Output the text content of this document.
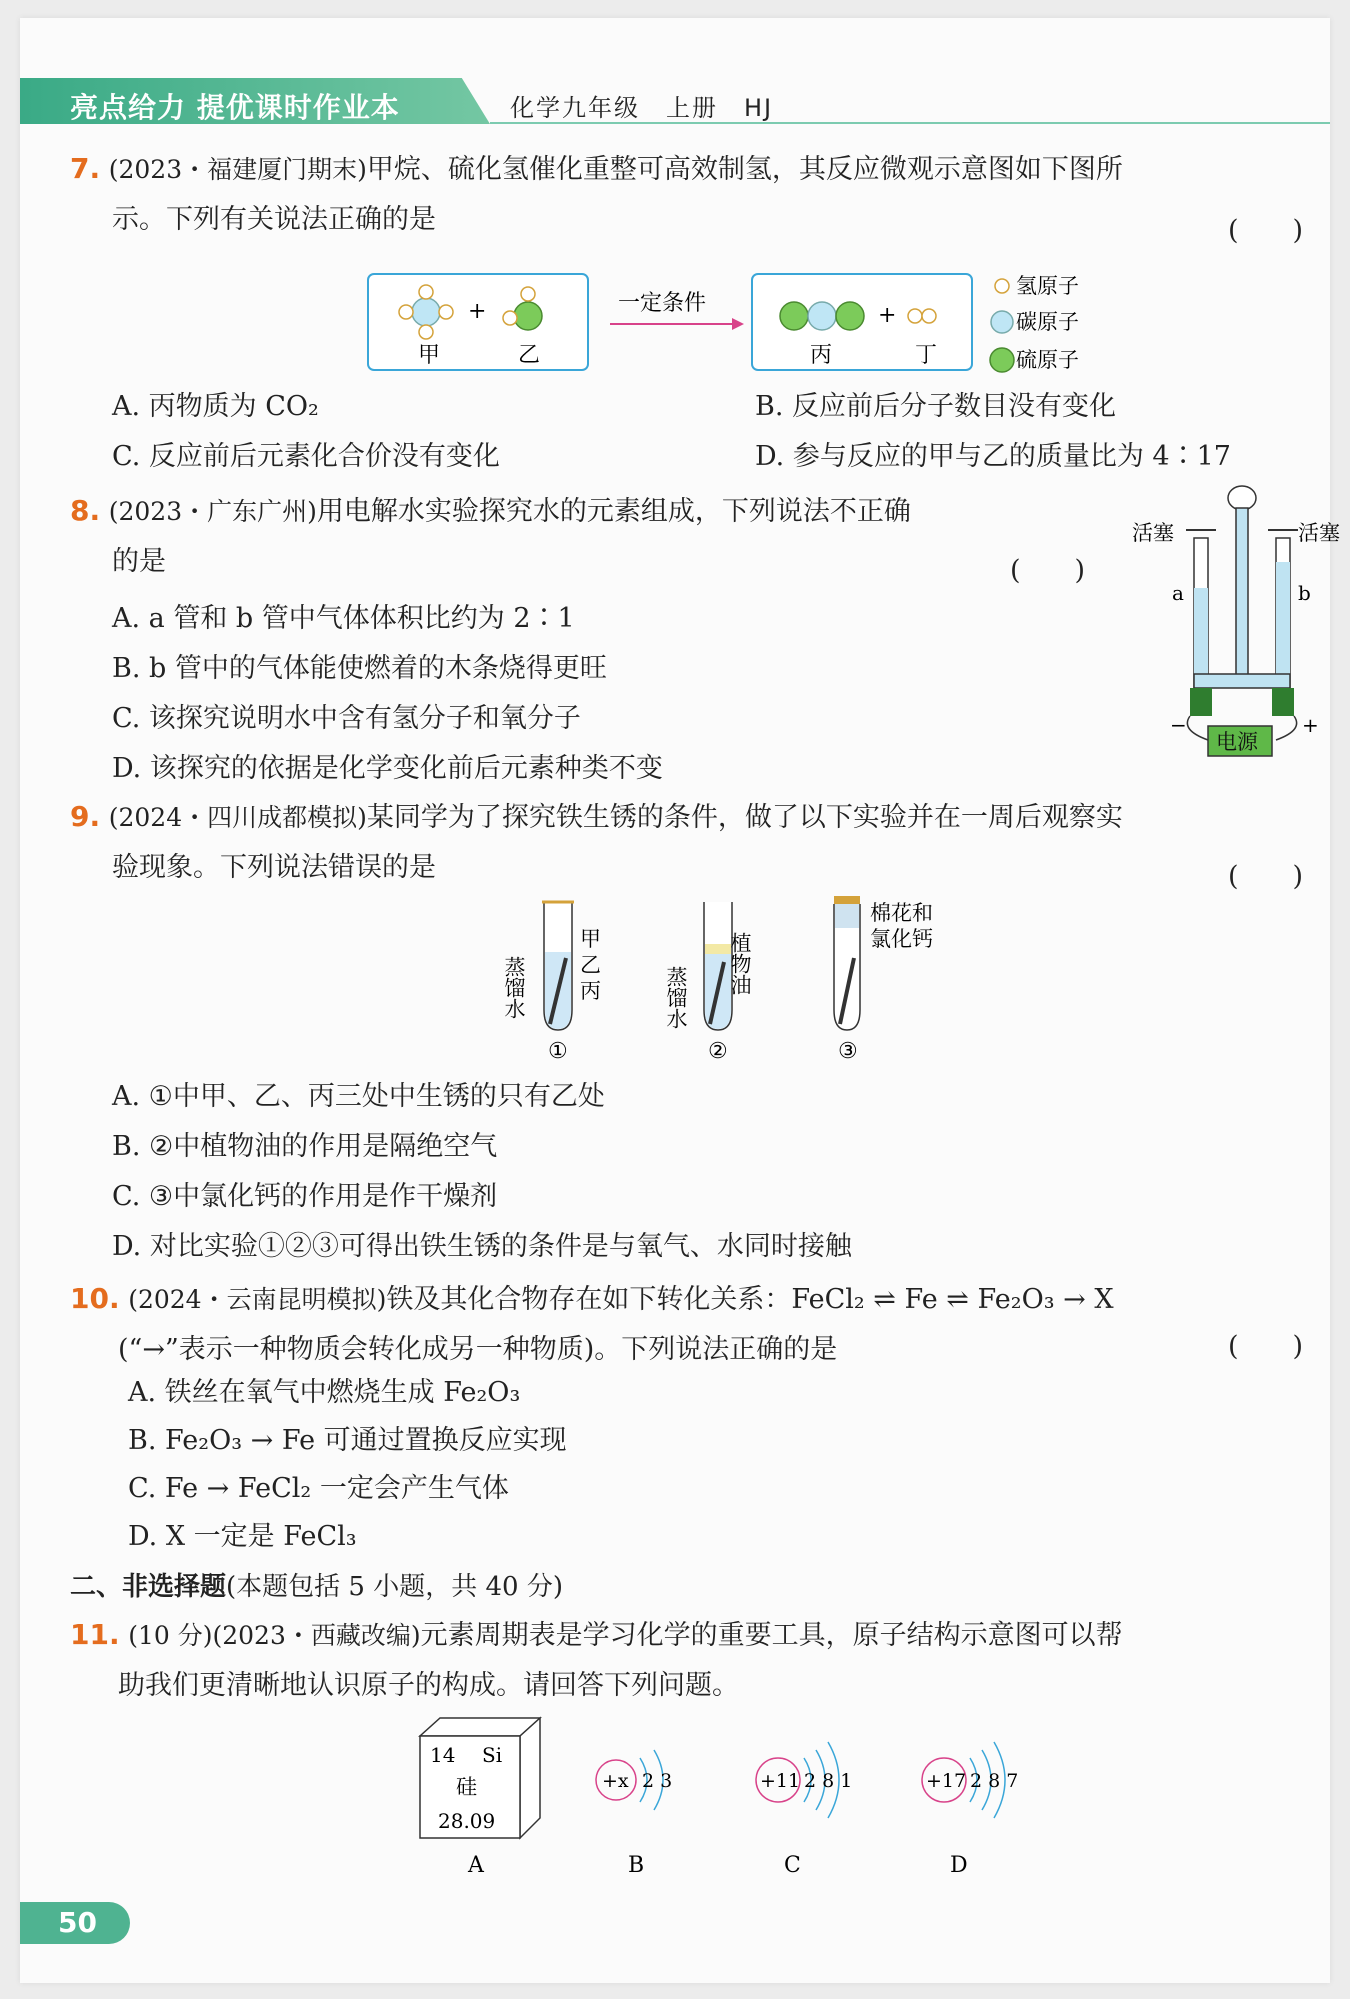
亮点给力 提优课时作业本	化学九年级　上册　HJ
7. (2023・福建厦门期末)甲烷、硫化氢催化重整可高效制氢，其反应微观示意图如下图所
示。下列有关说法正确的是	(　　)
+
甲	乙
一定条件	+
丙	丁
氢原子
碳原子
硫原子
A. 丙物质为 CO₂	B. 反应前后分子数目没有变化
C. 反应前后元素化合价没有变化	D. 参与反应的甲与乙的质量比为 4∶17
8. (2023・广东广州)用电解水实验探究水的元素组成，下列说法不正确
的是	(　　)
A. a 管和 b 管中气体体积比约为 2∶1
B. b 管中的气体能使燃着的木条烧得更旺
C. 该探究说明水中含有氢分子和氧分子
D. 该探究的依据是化学变化前后元素种类不变
活塞	活塞
a	b
−	+
电源
9. (2024・四川成都模拟)某同学为了探究铁生锈的条件，做了以下实验并在一周后观察实
验现象。下列说法错误的是	(　　)
蒸馏水
甲
乙
丙
①
蒸馏水
植物油
②
棉花和
氯化钙
③
A. ①中甲、乙、丙三处中生锈的只有乙处
B. ②中植物油的作用是隔绝空气
C. ③中氯化钙的作用是作干燥剂
D. 对比实验①②③可得出铁生锈的条件是与氧气、水同时接触
10. (2024・云南昆明模拟)铁及其化合物存在如下转化关系：FeCl₂ ⇌ Fe ⇌ Fe₂O₃ → X
(“→”表示一种物质会转化成另一种物质)。下列说法正确的是	(　　)
A. 铁丝在氧气中燃烧生成 Fe₂O₃
B. Fe₂O₃ → Fe 可通过置换反应实现
C. Fe → FeCl₂ 一定会产生气体
D. X 一定是 FeCl₃
二、非选择题(本题包括 5 小题，共 40 分)
11. (10 分)(2023・西藏改编)元素周期表是学习化学的重要工具，原子结构示意图可以帮
助我们更清晰地认识原子的构成。请回答下列问题。
14 Si
硅
28.09
A
+x 2 3
B
+11 2 8 1
C
+17 2 8 7
D
50
